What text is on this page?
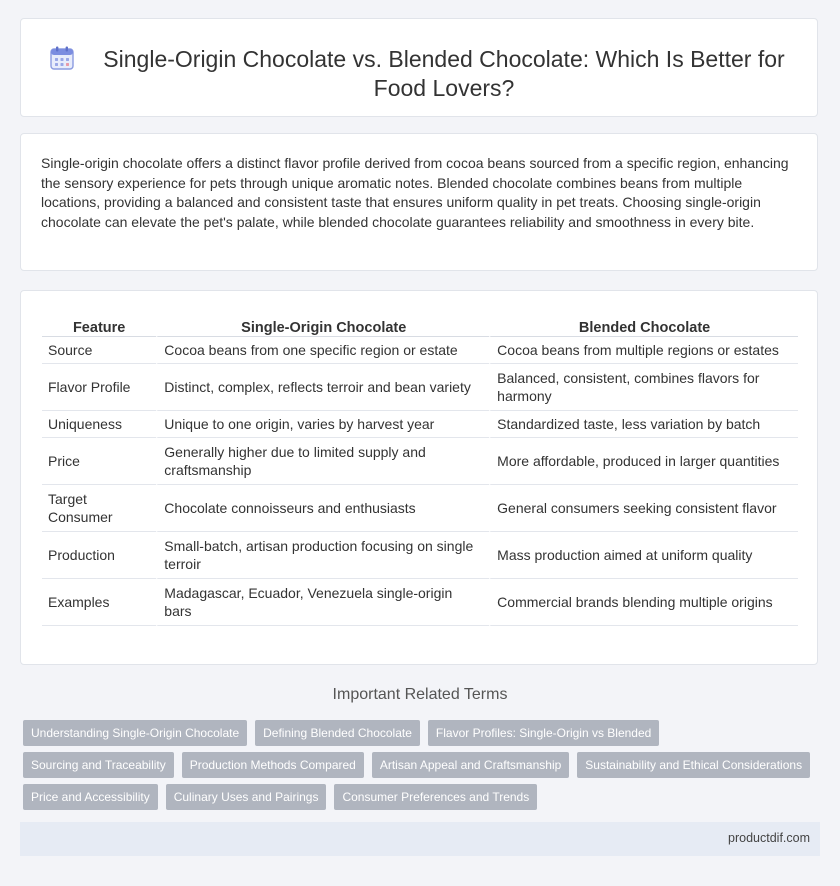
Single-Origin Chocolate vs. Blended Chocolate: Which Is Better for Food Lovers?

Single-origin chocolate offers a distinct flavor profile derived from cocoa beans sourced from a specific region, enhancing the sensory experience for pets through unique aromatic notes. Blended chocolate combines beans from multiple locations, providing a balanced and consistent taste that ensures uniform quality in pet treats. Choosing single-origin chocolate can elevate the pet's palate, while blended chocolate guarantees reliability and smoothness in every bite.

Feature	Single-Origin Chocolate	Blended Chocolate
Source	Cocoa beans from one specific region or estate	Cocoa beans from multiple regions or estates
Flavor Profile	Distinct, complex, reflects terroir and bean variety	Balanced, consistent, combines flavors for harmony
Uniqueness	Unique to one origin, varies by harvest year	Standardized taste, less variation by batch
Price	Generally higher due to limited supply and craftsmanship	More affordable, produced in larger quantities
Target Consumer	Chocolate connoisseurs and enthusiasts	General consumers seeking consistent flavor
Production	Small-batch, artisan production focusing on single terroir	Mass production aimed at uniform quality
Examples	Madagascar, Ecuador, Venezuela single-origin bars	Commercial brands blending multiple origins
Important Related Terms
Understanding Single-Origin Chocolate	Defining Blended Chocolate	Flavor Profiles: Single-Origin vs Blended
Sourcing and Traceability	Production Methods Compared	Artisan Appeal and Craftsmanship	Sustainability and Ethical Considerations
Price and Accessibility	Culinary Uses and Pairings	Consumer Preferences and Trends
productdif.com
